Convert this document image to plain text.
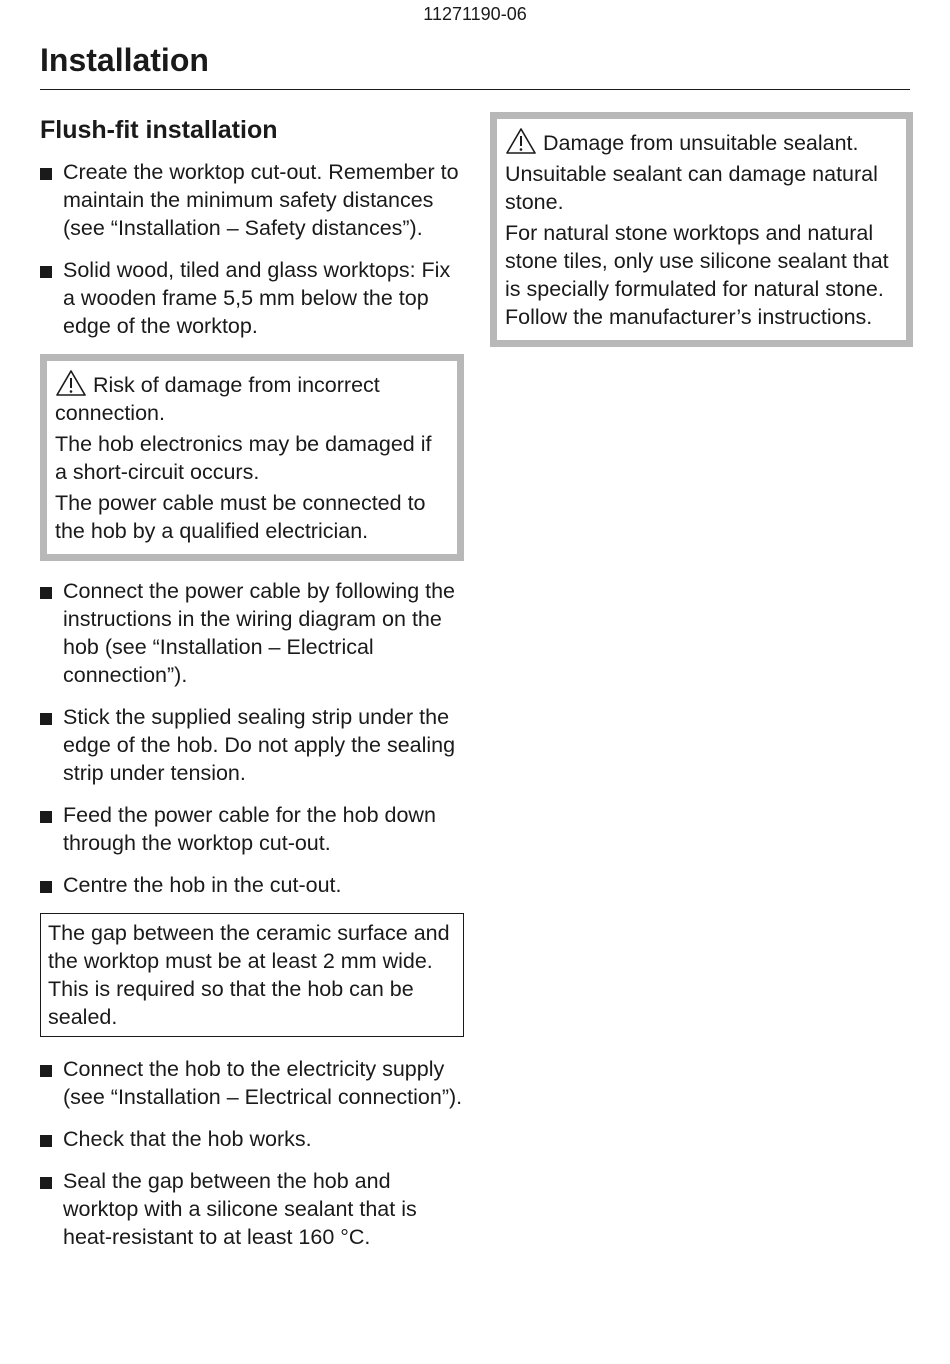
11271190-06
Installation
Flush-fit installation
Create the worktop cut-out. Remember to maintain the minimum safety distances (see “Installation – Safety distances”).
Solid wood, tiled and glass worktops: Fix a wooden frame 5,5 mm below the top edge of the worktop.

Risk of damage from incorrect connection.

The hob electronics may be damaged if a short-circuit occurs.

The power cable must be connected to the hob by a qualified electrician.

Connect the power cable by following the instructions in the wiring diagram on the hob (see “Installation – Electrical connection”).
Stick the supplied sealing strip under the edge of the hob. Do not apply the sealing strip under tension.
Feed the power cable for the hob down through the worktop cut-out.
Centre the hob in the cut-out.
The gap between the ceramic surface and the worktop must be at least 2 mm wide. This is required so that the hob can be sealed.
Connect the hob to the electricity supply (see “Installation – Electrical connection”).
Check that the hob works.
Seal the gap between the hob and worktop with a silicone sealant that is heat-resistant to at least 160 °C.

Damage from unsuitable sealant.

Unsuitable sealant can damage natural stone.

For natural stone worktops and natural stone tiles, only use silicone sealant that is specially formulated for natural stone. Follow the manufacturer’s instructions.
